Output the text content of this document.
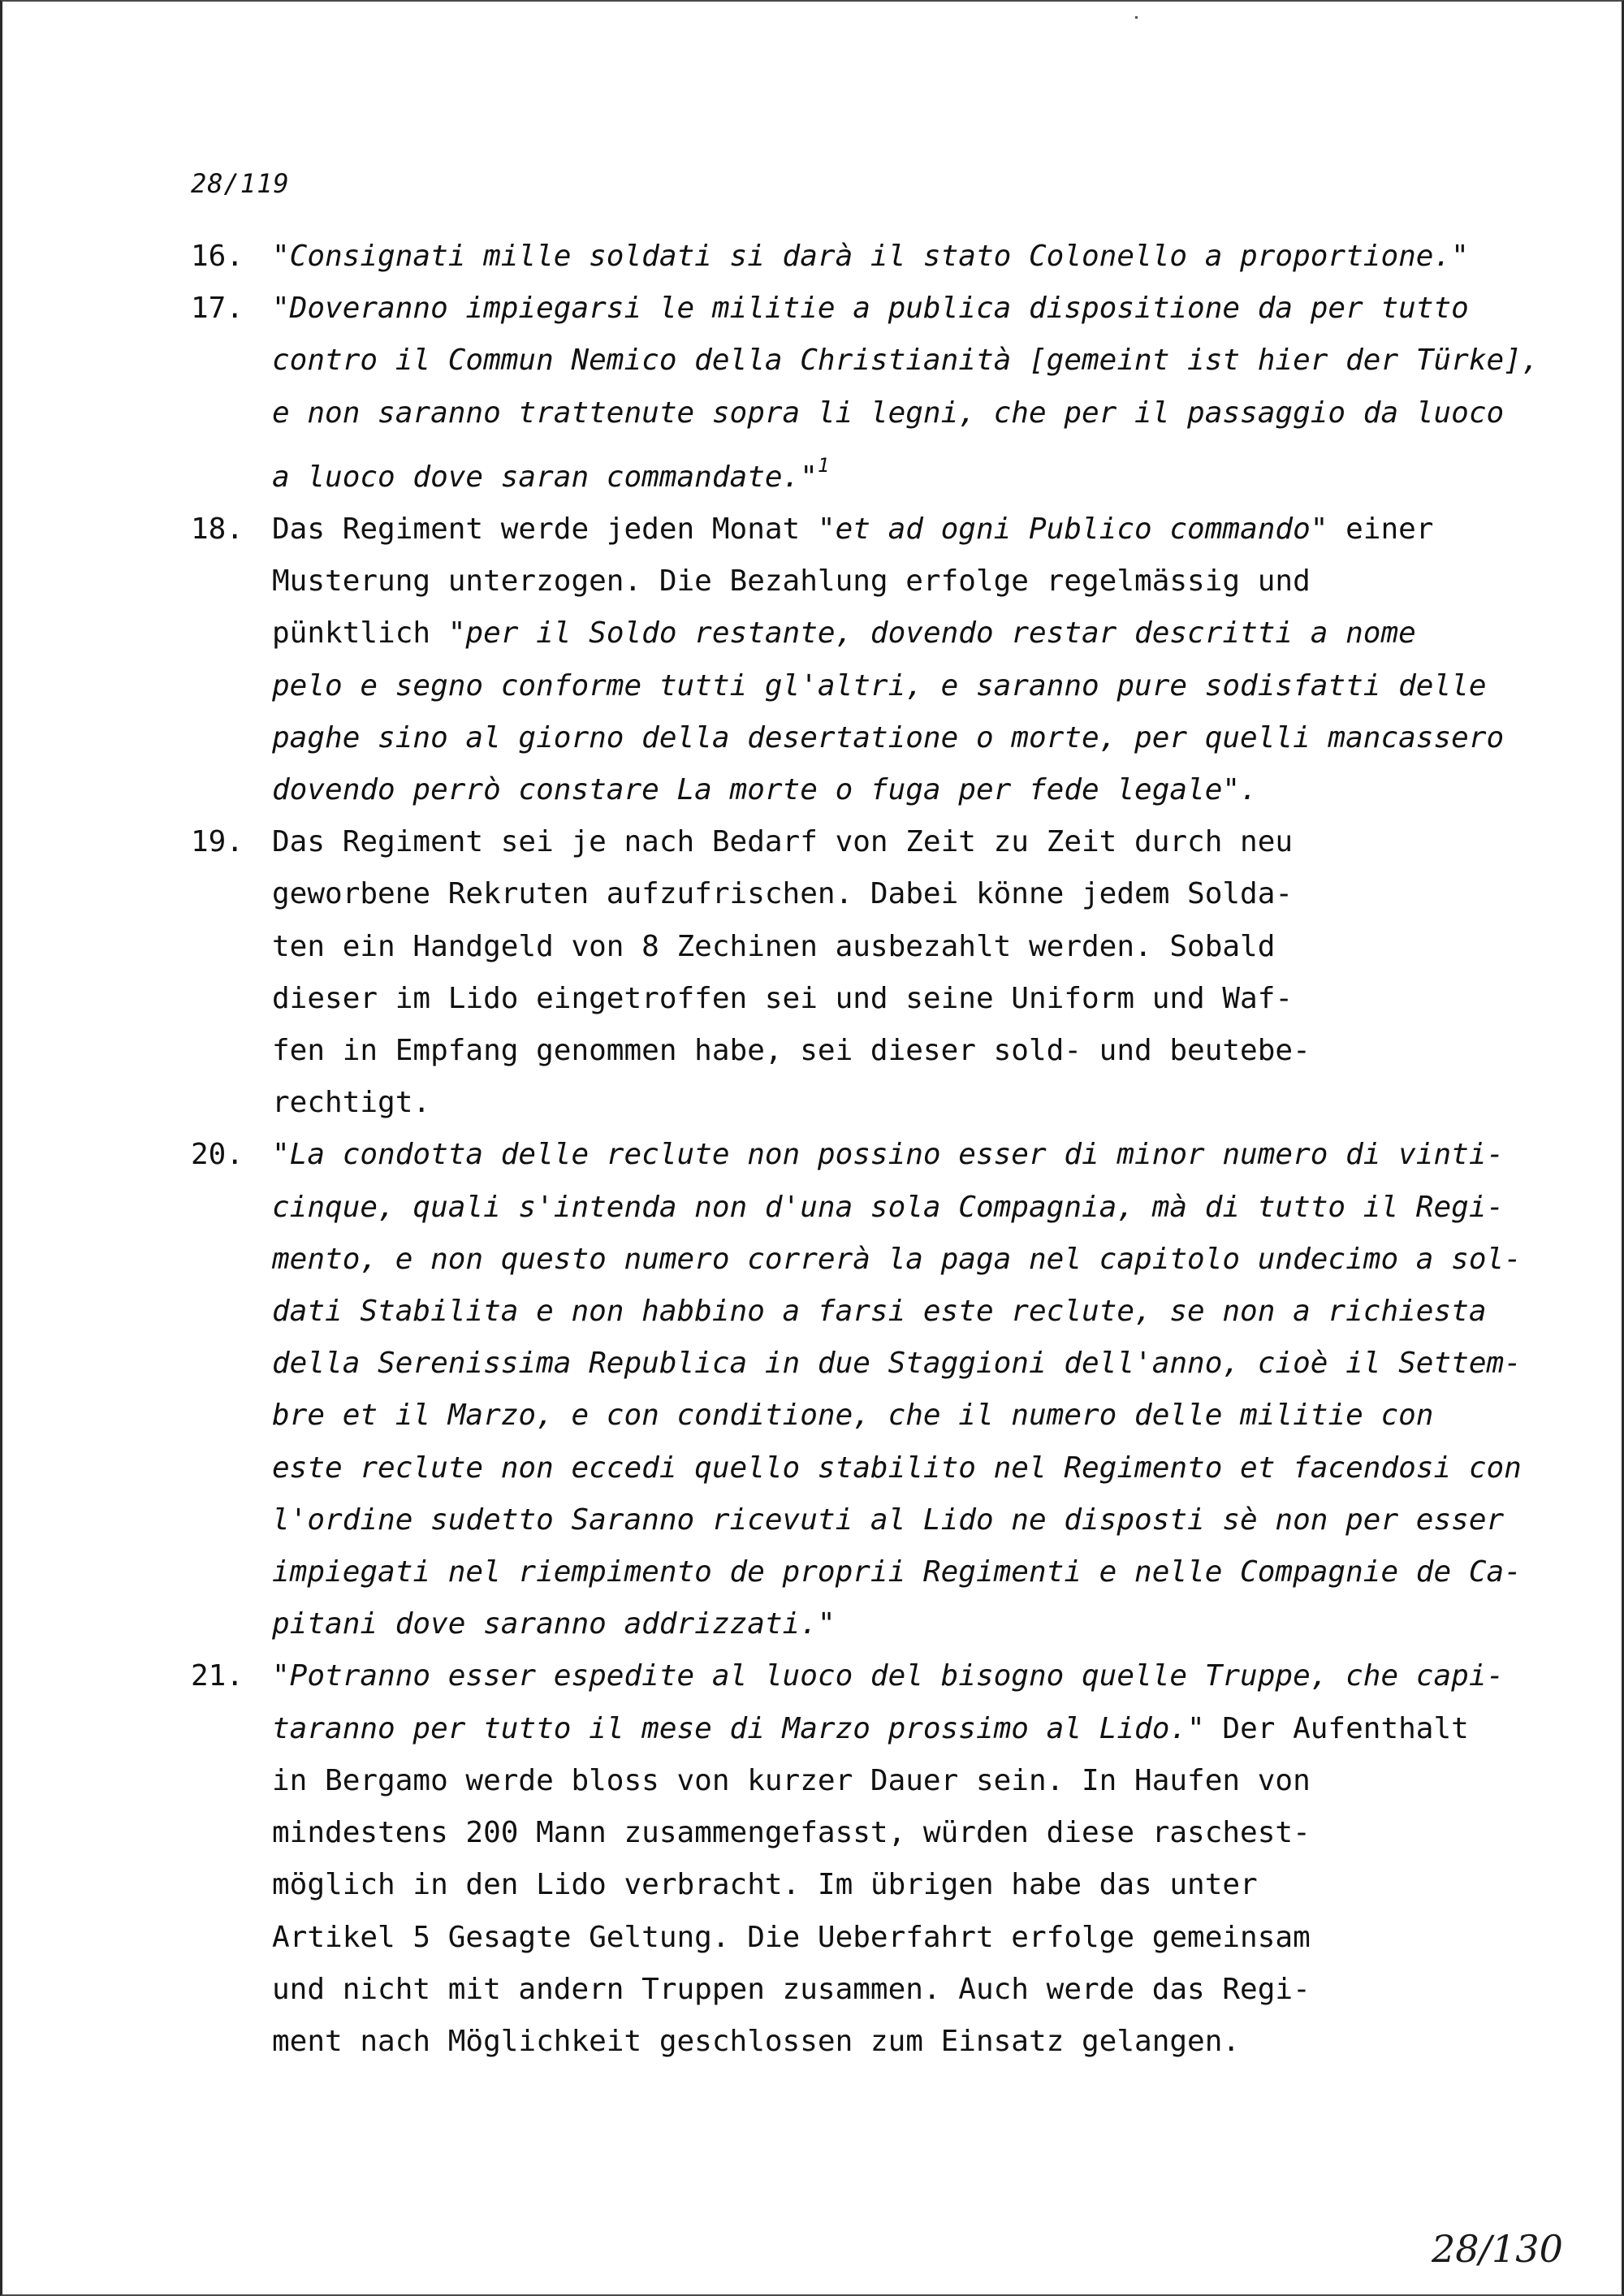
28/119
16. "Consignati mille soldati si darà il stato Colonello a proportione."
17. "Doveranno impiegarsi le militie a publica dispositione da per tutto
contro il Commun Nemico della Christianità [gemeint ist hier der Türke],
e non saranno trattenute sopra li legni, che per il passaggio da luoco
a luoco dove saran commandate."$^1$
18. Das Regiment werde jeden Monat "et ad ogni Publico commando" einer
Musterung unterzogen. Die Bezahlung erfolge regelmässig und
pünktlich "per il Soldo restante, dovendo restar descritti a nome
pelo e segno conforme tutti gl'altri, e saranno pure sodisfatti delle
paghe sino al giorno della desertatione o morte, per quelli mancassero
dovendo perrò constare La morte o fuga per fede legale".
19. Das Regiment sei je nach Bedarf von Zeit zu Zeit durch neu
geworbene Rekruten aufzufrischen. Dabei könne jedem Solda-
ten ein Handgeld von 8 Zechinen ausbezahlt werden. Sobald
dieser im Lido eingetroffen sei und seine Uniform und Waf-
fen in Empfang genommen habe, sei dieser sold- und beutebe-
rechtigt.
20. "La condotta delle reclute non possino esser di minor numero di vinti-
cinque, quali s'intenda non d'una sola Compagnia, mà di tutto il Regi-
mento, e non questo numero correrà la paga nel capitolo undecimo a sol-
dati Stabilita e non habbino a farsi este reclute, se non a richiesta
della Serenissima Republica in due Staggioni dell'anno, cioè il Settem-
bre et il Marzo, e con conditione, che il numero delle militie con
este reclute non eccedi quello stabilito nel Regimento et facendosi con
l'ordine sudetto Saranno ricevuti al Lido ne disposti sè non per esser
impiegati nel riempimento de proprii Regimenti e nelle Compagnie de Ca-
pitani dove saranno addrizzati."
21. "Potranno esser espedite al luoco del bisogno quelle Truppe, che capi-
taranno per tutto il mese di Marzo prossimo al Lido." Der Aufenthalt
in Bergamo werde bloss von kurzer Dauer sein. In Haufen von
mindestens 200 Mann zusammengefasst, würden diese raschest-
möglich in den Lido verbracht. Im übrigen habe das unter
Artikel 5 Gesagte Geltung. Die Ueberfahrt erfolge gemeinsam
und nicht mit andern Truppen zusammen. Auch werde das Regi-
ment nach Möglichkeit geschlossen zum Einsatz gelangen.
28/130
